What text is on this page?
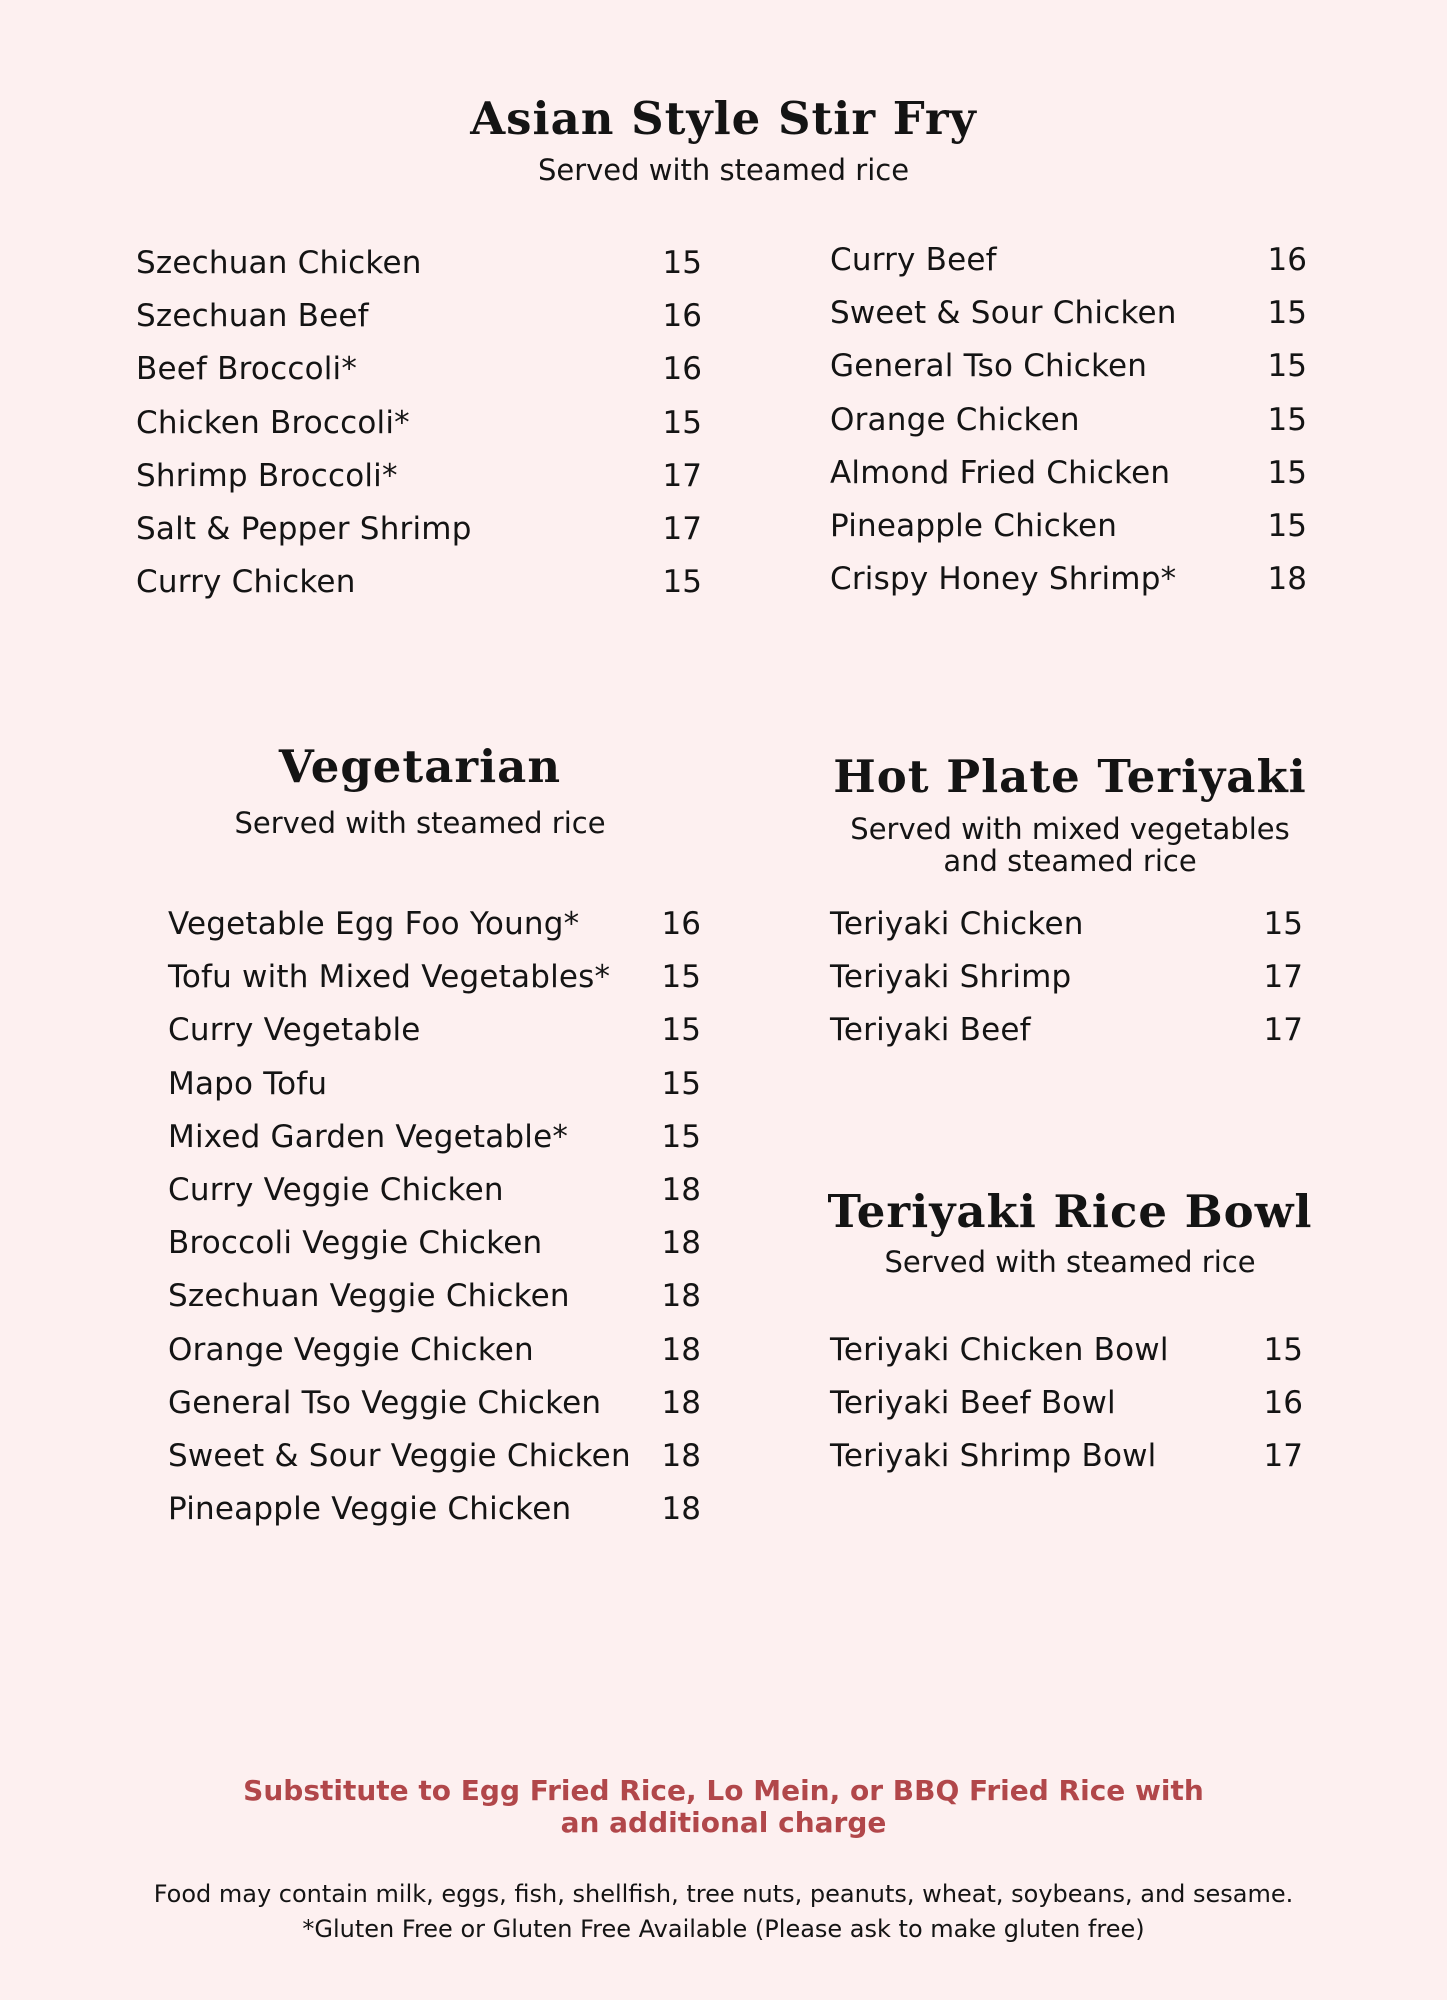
Asian Style Stir Fry
Served with steamed rice
Szechuan Chicken	15
Szechuan Beef	16
Beef Broccoli*	16
Chicken Broccoli*	15
Shrimp Broccoli*	17
Salt & Pepper Shrimp	17
Curry Chicken	15
Curry Beef	16
Sweet & Sour Chicken	15
General Tso Chicken	15
Orange Chicken	15
Almond Fried Chicken	15
Pineapple Chicken	15
Crispy Honey Shrimp*	18
Vegetarian
Served with steamed rice
Vegetable Egg Foo Young*	16
Tofu with Mixed Vegetables*	15
Curry Vegetable	15
Mapo Tofu	15
Mixed Garden Vegetable*	15
Curry Veggie Chicken	18
Broccoli Veggie Chicken	18
Szechuan Veggie Chicken	18
Orange Veggie Chicken	18
General Tso Veggie Chicken	18
Sweet & Sour Veggie Chicken 18
Pineapple Veggie Chicken	18
Hot Plate Teriyaki
Served with mixed vegetables
and steamed rice
Teriyaki Chicken	15
Teriyaki Shrimp	17
Teriyaki Beef	17
Teriyaki Rice Bowl
Served with steamed rice
Teriyaki Chicken Bowl	15
Teriyaki Beef Bowl	16
Teriyaki Shrimp Bowl	17
Substitute to Egg Fried Rice, Lo Mein, or BBQ Fried Rice with
an additional charge
Food may contain milk, eggs, fish, shellfish, tree nuts, peanuts, wheat, soybeans, and sesame.
*Gluten Free or Gluten Free Available (Please ask to make gluten free)
